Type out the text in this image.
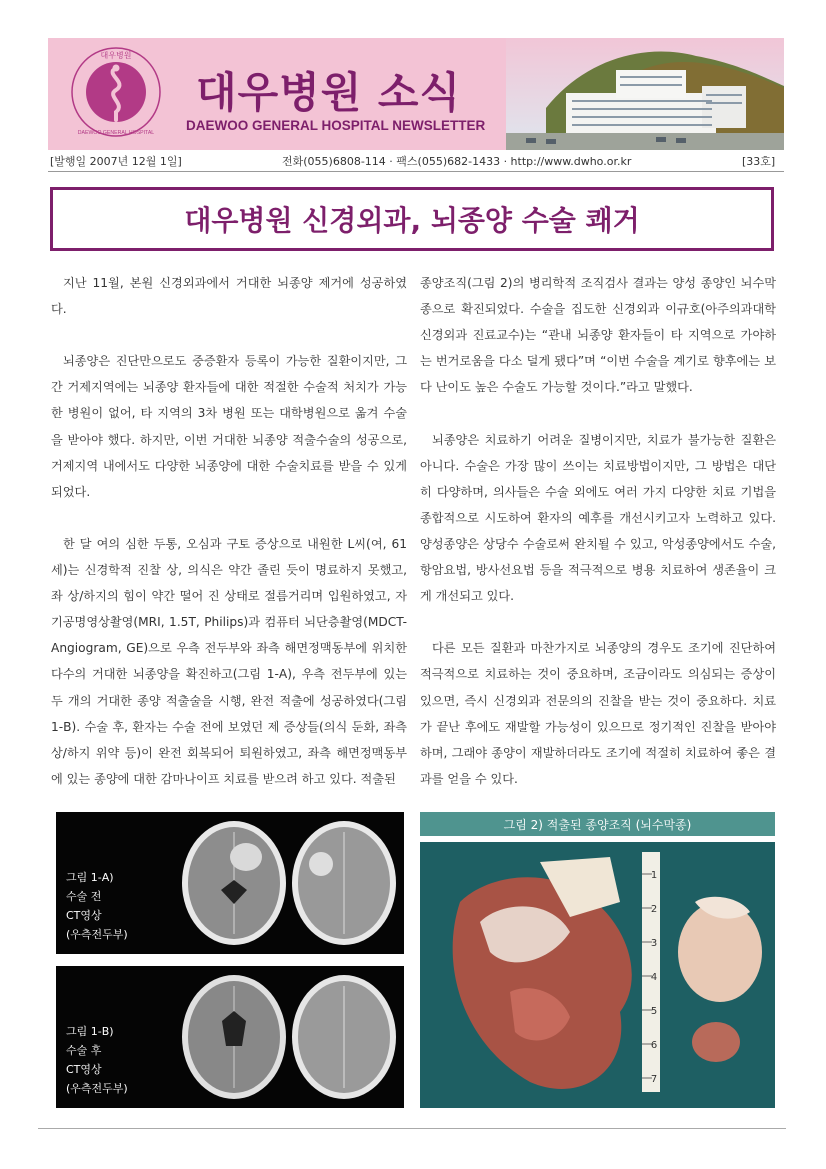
대우병원
DAEWOO GENERAL HOSPITAL
대우병원 소식
DAEWOO GENERAL HOSPITAL NEWSLETTER
[발행일 2007년 12월 1일]	전화(055)6808-114 · 팩스(055)682-1433 · http://www.dwho.or.kr	[33호]
대우병원 신경외과, 뇌종양 수술 쾌거

지난 11월, 본원 신경외과에서 거대한 뇌종양 제거에 성공하였다.

뇌종양은 진단만으로도 중증환자 등록이 가능한 질환이지만, 그간 거제지역에는 뇌종양 환자들에 대한 적절한 수술적 처치가 가능한 병원이 없어, 타 지역의 3차 병원 또는 대학병원으로 옮겨 수술을 받아야 했다. 하지만, 이번 거대한 뇌종양 적출수술의 성공으로, 거제지역 내에서도 다양한 뇌종양에 대한 수술치료를 받을 수 있게 되었다.

한 달 여의 심한 두통, 오심과 구토 증상으로 내원한 L씨(여, 61세)는 신경학적 진찰 상, 의식은 약간 졸린 듯이 명료하지 못했고, 좌 상/하지의 힘이 약간 떨어 진 상태로 절름거리며 입원하였고, 자기공명영상촬영(MRI, 1.5T, Philips)과 컴퓨터 뇌단층촬영(MDCT-Angiogram, GE)으로 우측 전두부와 좌측 해면정맥동부에 위치한 다수의 거대한 뇌종양을 확진하고(그림 1-A), 우측 전두부에 있는 두 개의 거대한 종양 적출술을 시행, 완전 적출에 성공하였다(그림 1-B). 수술 후, 환자는 수술 전에 보였던 제 증상들(의식 둔화, 좌측 상/하지 위약 등)이 완전 회복되어 퇴원하였고, 좌측 해면정맥동부에 있는 종양에 대한 감마나이프 치료를 받으려 하고 있다. 적출된

종양조직(그림 2)의 병리학적 조직검사 결과는 양성 종양인 뇌수막종으로 확진되었다. 수술을 집도한 신경외과 이규호(아주의과대학 신경외과 진료교수)는 “관내 뇌종양 환자들이 타 지역으로 가야하는 번거로움을 다소 덜게 됐다”며 “이번 수술을 계기로 향후에는 보다 난이도 높은 수술도 가능할 것이다.”라고 말했다.

뇌종양은 치료하기 어려운 질병이지만, 치료가 불가능한 질환은 아니다. 수술은 가장 많이 쓰이는 치료방법이지만, 그 방법은 대단히 다양하며, 의사들은 수술 외에도 여러 가지 다양한 치료 기법을 종합적으로 시도하여 환자의 예후를 개선시키고자 노력하고 있다. 양성종양은 상당수 수술로써 완치될 수 있고, 악성종양에서도 수술, 항암요법, 방사선요법 등을 적극적으로 병용 치료하여 생존율이 크게 개선되고 있다.

다른 모든 질환과 마찬가지로 뇌종양의 경우도 조기에 진단하여 적극적으로 치료하는 것이 중요하며, 조금이라도 의심되는 증상이 있으면, 즉시 신경외과 전문의의 진찰을 받는 것이 중요하다. 치료가 끝난 후에도 재발할 가능성이 있으므로 정기적인 진찰을 받아야 하며, 그래야 종양이 재발하더라도 조기에 적절히 치료하여 좋은 결과를 얻을 수 있다.

그림 1-A)
수술 전
CT영상
(우측전두부)
그림 1-B)
수술 후
CT영상
(우측전두부)
그림 2) 적출된 종양조직 (뇌수막종)
1
2
3
4
5
6
7
